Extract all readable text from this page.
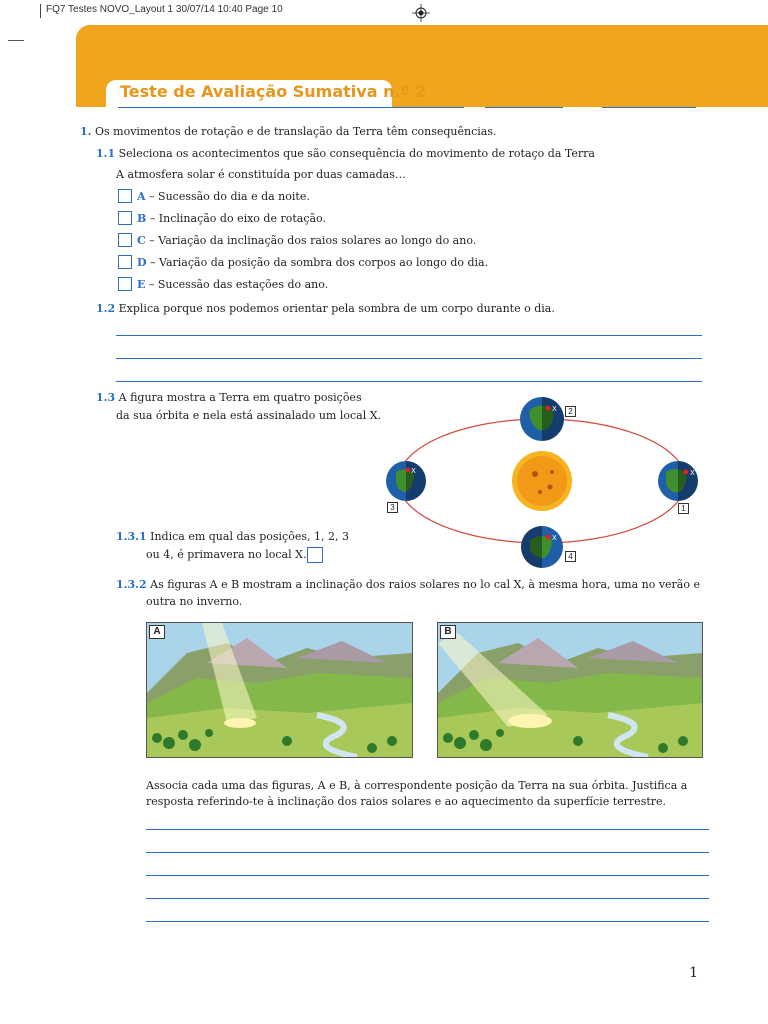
FQ7 Testes NOVO_Layout 1 30/07/14 10:40 Page 10
Teste de Avaliação Sumativa n.º 2
1. Os movimentos de rotação e de translação da Terra têm consequências.
1.1 Seleciona os acontecimentos que são consequência do movimento de rotaço da Terra
A atmosfera solar é constituída por duas camadas…
A – Sucessão do dia e da noite.
B – Inclinação do eixo de rotação.
C – Variação da inclinação dos raios solares ao longo do ano.
D – Variação da posição da sombra dos corpos ao longo do dia.
E – Sucessão das estações do ano.
1.2 Explica porque nos podemos orientar pela sombra de um corpo durante o dia.
1.3 A figura mostra a Terra em quatro posições
da sua órbita e nela está assinalado um local X.	X
X
X
X
2
1
3
4
1.3.1 Indica em qual das posições, 1, 2, 3
ou 4, é primavera no local X.
1.3.2 As figuras A e B mostram a inclinação dos raios solares no lo cal X, à mesma hora, uma no verão e
outra no inverno.
A	B
Associa cada uma das figuras, A e B, à correspondente posição da Terra na sua órbita. Justifica a
resposta referindo-te à inclinação dos raios solares e ao aquecimento da superfície terrestre.
1
